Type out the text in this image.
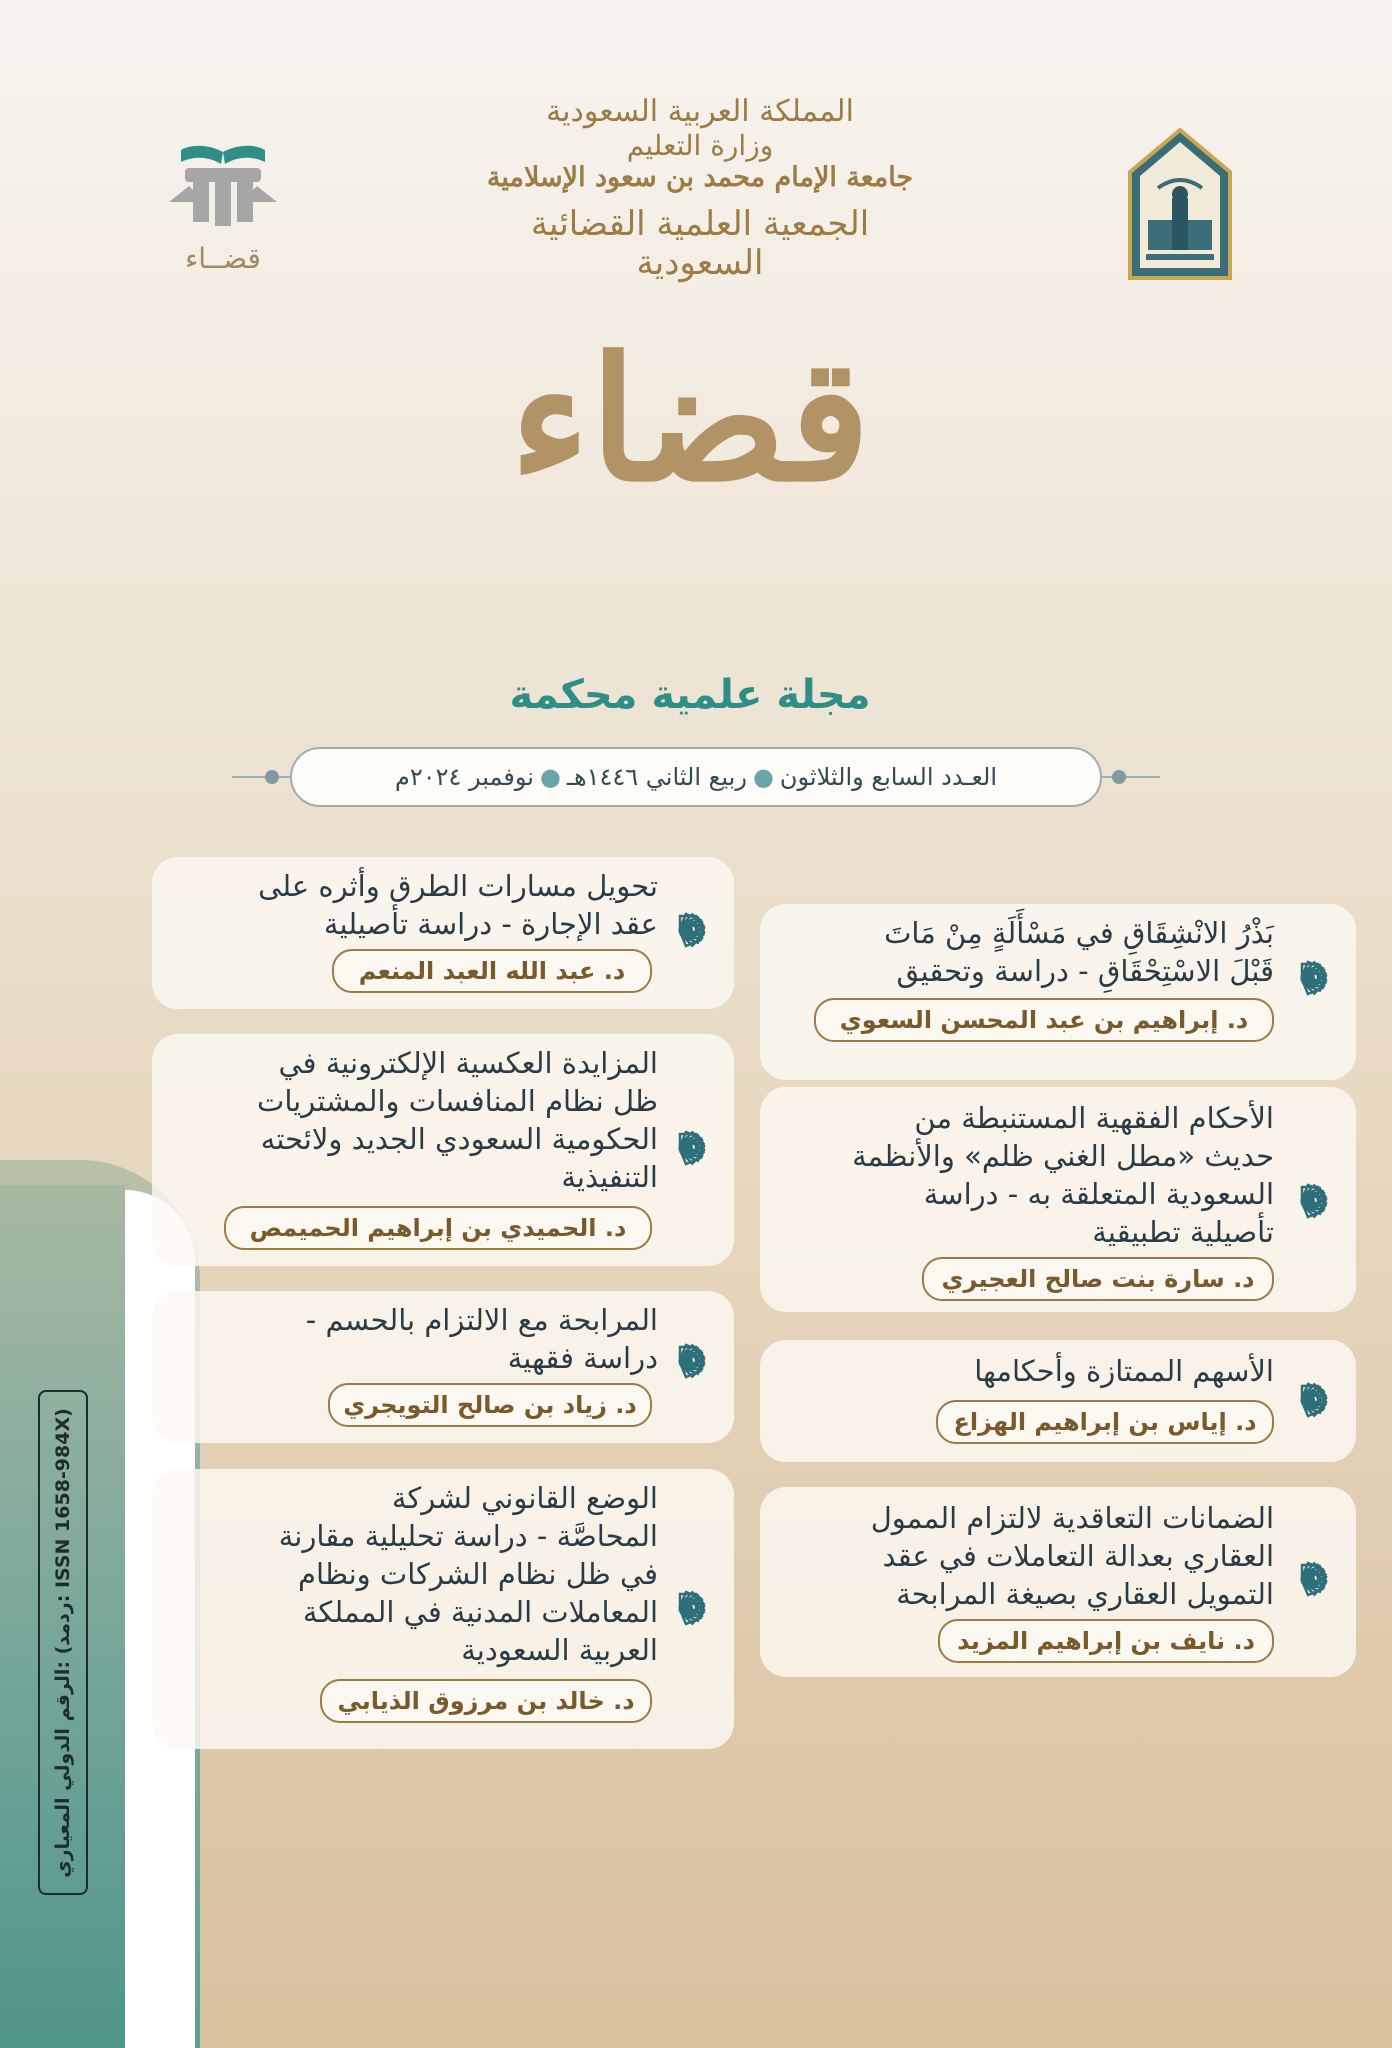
الرقم الدولي المعياري: (ردمد: ISSN 1658-984X)
المملكة العربية السعودية
وزارة التعليم
جامعة الإمام محمد بن سعود الإسلامية
الجمعية العلمية القضائية السعودية
قضــاء
قضاء
مجلة علمية محكمة
العـدد السابع والثلاثون
●
ربيع الثاني ١٤٤٦هـ
●
نوفمبر ٢٠٢٤م
بَذْرُ الانْشِقَاقِ في مَسْأَلَةٍ مِنْ مَاتَ
قَبْلَ الاسْتِحْقَاقِ - دراسة وتحقيق
د. إبراهيم بن عبد المحسن السعوي
الأحكام الفقهية المستنبطة من
حديث «مطل الغني ظلم» والأنظمة
السعودية المتعلقة به - دراسة
تأصيلية تطبيقية
د. سارة بنت صالح العجيري
الأسهم الممتازة وأحكامها
د. إياس بن إبراهيم الهزاع
الضمانات التعاقدية لالتزام الممول
العقاري بعدالة التعاملات في عقد
التمويل العقاري بصيغة المرابحة
د. نايف بن إبراهيم المزيد
تحويل مسارات الطرق وأثره على
عقد الإجارة - دراسة تأصيلية
د. عبد الله العبد المنعم
المزايدة العكسية الإلكترونية في
ظل نظام المنافسات والمشتريات
الحكومية السعودي الجديد ولائحته
التنفيذية
د. الحميدي بن إبراهيم الحميمص
المرابحة مع الالتزام بالحسم -
دراسة فقهية
د. زياد بن صالح التويجري
الوضع القانوني لشركة
المحاصَّة - دراسة تحليلية مقارنة
في ظل نظام الشركات ونظام
المعاملات المدنية في المملكة
العربية السعودية
د. خالد بن مرزوق الذيابي
